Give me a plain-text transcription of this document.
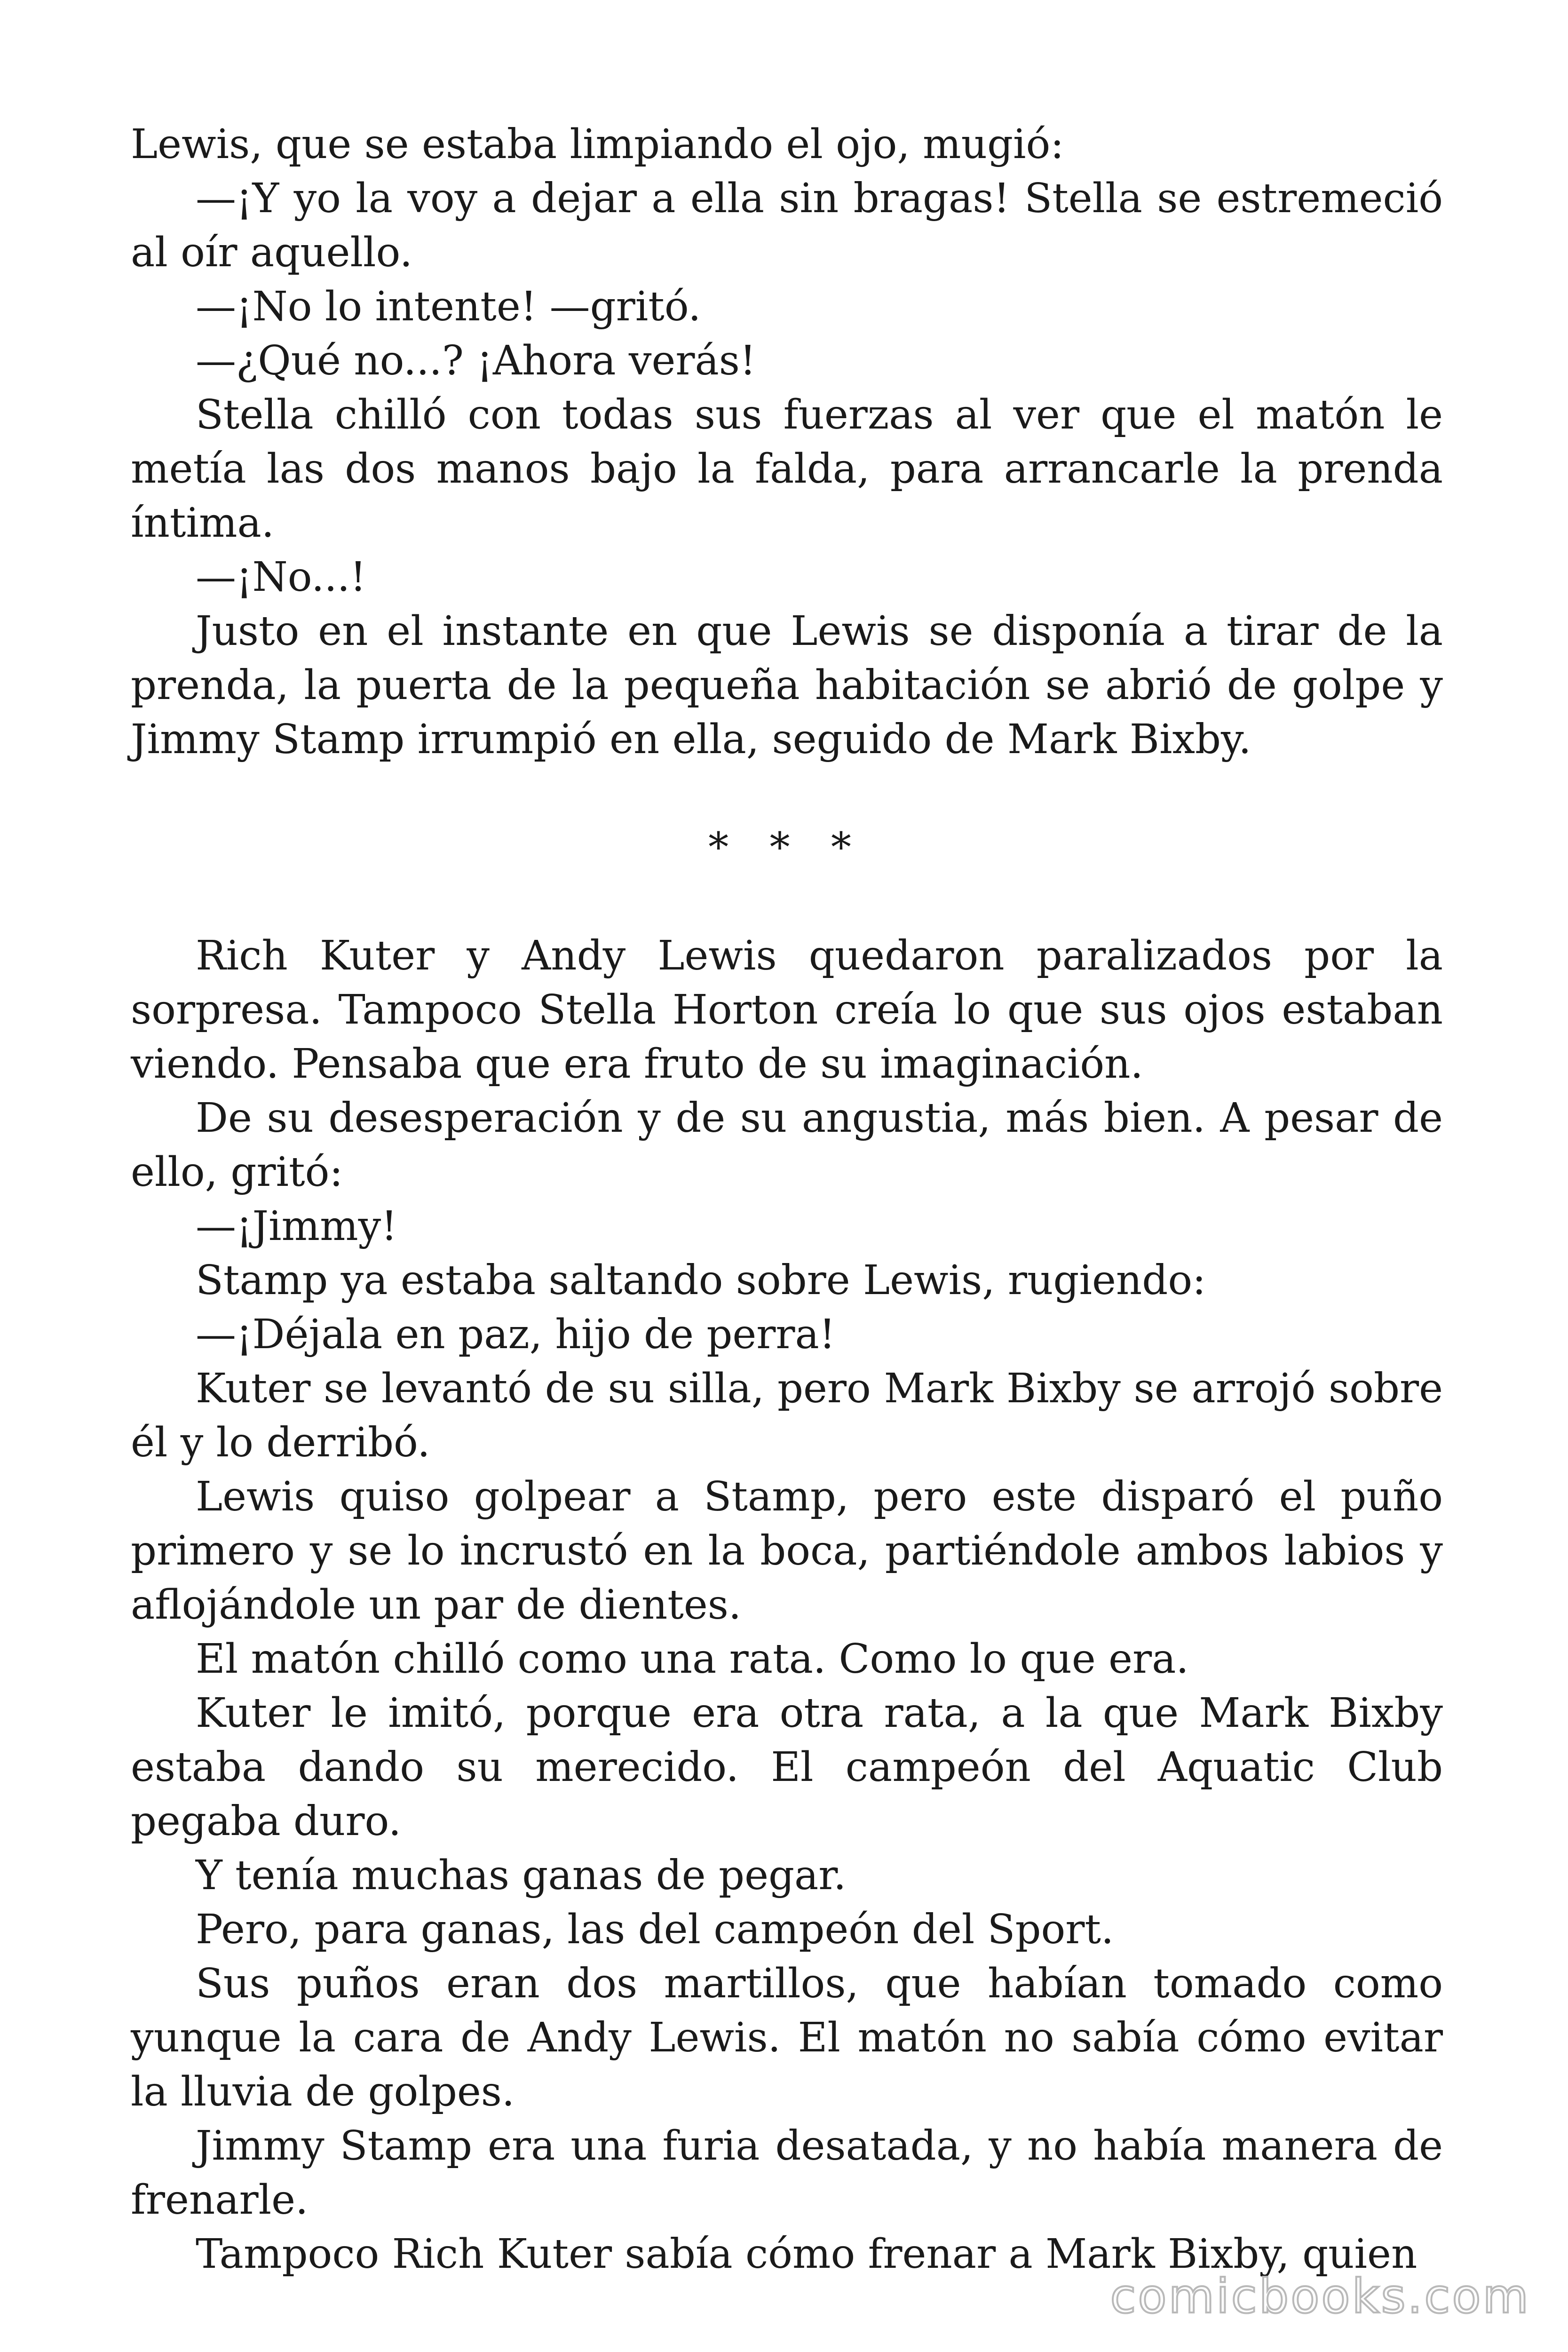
Lewis, que se estaba limpiando el ojo, mugió:

—¡Y yo la voy a dejar a ella sin bragas! Stella se estremeció al oír aquello.

—¡No lo intente! —gritó.

—¿Qué no...? ¡Ahora verás!

Stella chilló con todas sus fuerzas al ver que el matón le metía las dos manos bajo la falda, para arrancarle la prenda íntima.

—¡No...!

Justo en el instante en que Lewis se disponía a tirar de la prenda, la puerta de la pequeña habitación se abrió de golpe y Jimmy Stamp irrumpió en ella, seguido de Mark Bixby.

* * *

Rich Kuter y Andy Lewis quedaron paralizados por la sorpresa. Tampoco Stella Horton creía lo que sus ojos estaban viendo. Pensaba que era fruto de su imaginación.

De su desesperación y de su angustia, más bien. A pesar de ello, gritó:

—¡Jimmy!

Stamp ya estaba saltando sobre Lewis, rugiendo:

—¡Déjala en paz, hijo de perra!

Kuter se levantó de su silla, pero Mark Bixby se arrojó sobre él y lo derribó.

Lewis quiso golpear a Stamp, pero este disparó el puño primero y se lo incrustó en la boca, partiéndole ambos labios y aflojándole un par de dientes.

El matón chilló como una rata. Como lo que era.

Kuter le imitó, porque era otra rata, a la que Mark Bixby estaba dando su merecido. El campeón del Aquatic Club pegaba duro.

Y tenía muchas ganas de pegar.

Pero, para ganas, las del campeón del Sport.

Sus puños eran dos martillos, que habían tomado como yunque la cara de Andy Lewis. El matón no sabía cómo evitar la lluvia de golpes.

Jimmy Stamp era una furia desatada, y no había manera de frenarle.

Tampoco Rich Kuter sabía cómo frenar a Mark Bixby, quien

comicbooks.com
